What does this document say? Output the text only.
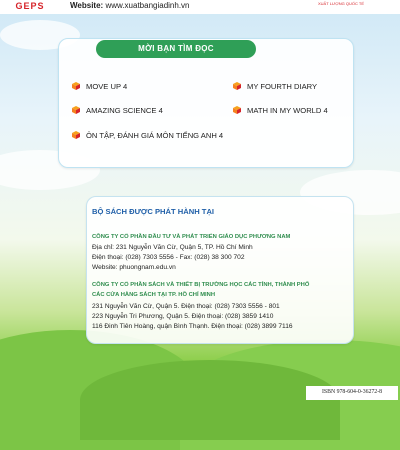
GEPS	Website: www.xuatbangiadinh.vn	XUẤT LƯỢNG QUỐC TẾ
MỜI BẠN TÌM ĐỌC
MOVE UP 4	MY FOURTH DIARY
AMAZING SCIENCE 4	MATH IN MY WORLD 4
ÔN TẬP, ĐÁNH GIÁ MÔN TIẾNG ANH 4
BỘ SÁCH ĐƯỢC PHÁT HÀNH TẠI
CÔNG TY CỔ PHẦN ĐẦU TƯ VÀ PHÁT TRIỂN GIÁO DỤC PHƯƠNG NAM
Địa chỉ: 231 Nguyễn Văn Cừ, Quận 5, TP. Hồ Chí Minh
Điện thoại: (028) 7303 5556 - Fax: (028) 38 300 702
Website: phuongnam.edu.vn
CÔNG TY CỔ PHẦN SÁCH VÀ THIẾT BỊ TRƯỜNG HỌC CÁC TỈNH, THÀNH PHỐ
CÁC CỬA HÀNG SÁCH TẠI TP. HỒ CHÍ MINH
231 Nguyễn Văn Cừ, Quận 5. Điện thoại: (028) 7303 5556 - 801
223 Nguyễn Tri Phương, Quận 5. Điện thoại: (028) 3859 1410
116 Đinh Tiên Hoàng, quận Bình Thạnh. Điện thoại: (028) 3899 7116
ISBN 978-604-0-36272-8
